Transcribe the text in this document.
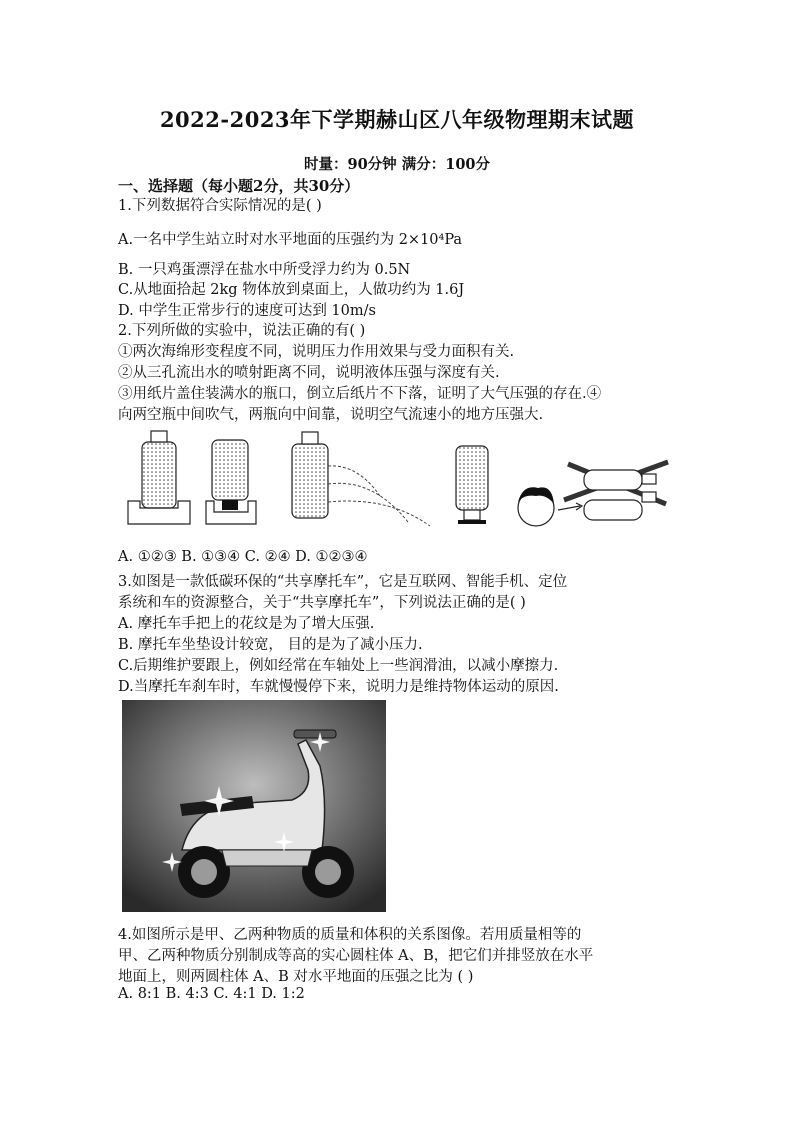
2022-2023年下学期赫山区八年级物理期末试题
时量：90分钟 满分：100分
一、选择题（每小题2分，共30分）
1.下列数据符合实际情况的是( )
A.一名中学生站立时对水平地面的压强约为 2×10⁴Pa
B. 一只鸡蛋漂浮在盐水中所受浮力约为 0.5N
C.从地面拾起 2kg 物体放到桌面上，人做功约为 1.6J
D. 中学生正常步行的速度可达到 10m/s
2.下列所做的实验中，说法正确的有( )
①两次海绵形变程度不同，说明压力作用效果与受力面积有关.
②从三孔流出水的喷射距离不同，说明液体压强与深度有关.
③用纸片盖住装满水的瓶口，倒立后纸片不下落，证明了大气压强的存在.④
向两空瓶中间吹气，两瓶向中间靠，说明空气流速小的地方压强大.
A. ①②③ B. ①③④ C. ②④ D. ①②③④
3.如图是一款低碳环保的“共享摩托车”，它是互联网、智能手机、定位
系统和车的资源整合，关于“共享摩托车”，下列说法正确的是( )
A. 摩托车手把上的花纹是为了增大压强.
B. 摩托车坐垫设计较宽， 目的是为了减小压力.
C.后期维护要跟上，例如经常在车轴处上一些润滑油，以减小摩擦力.
D.当摩托车刹车时，车就慢慢停下来，说明力是维持物体运动的原因.
4.如图所示是甲、乙两种物质的质量和体积的关系图像。若用质量相等的
甲、乙两种物质分别制成等高的实心圆柱体 A、B，把它们并排竖放在水平
地面上，则两圆柱体 A、B 对水平地面的压强之比为 ( )
A. 8:1 B. 4:3 C. 4:1 D. 1:2
